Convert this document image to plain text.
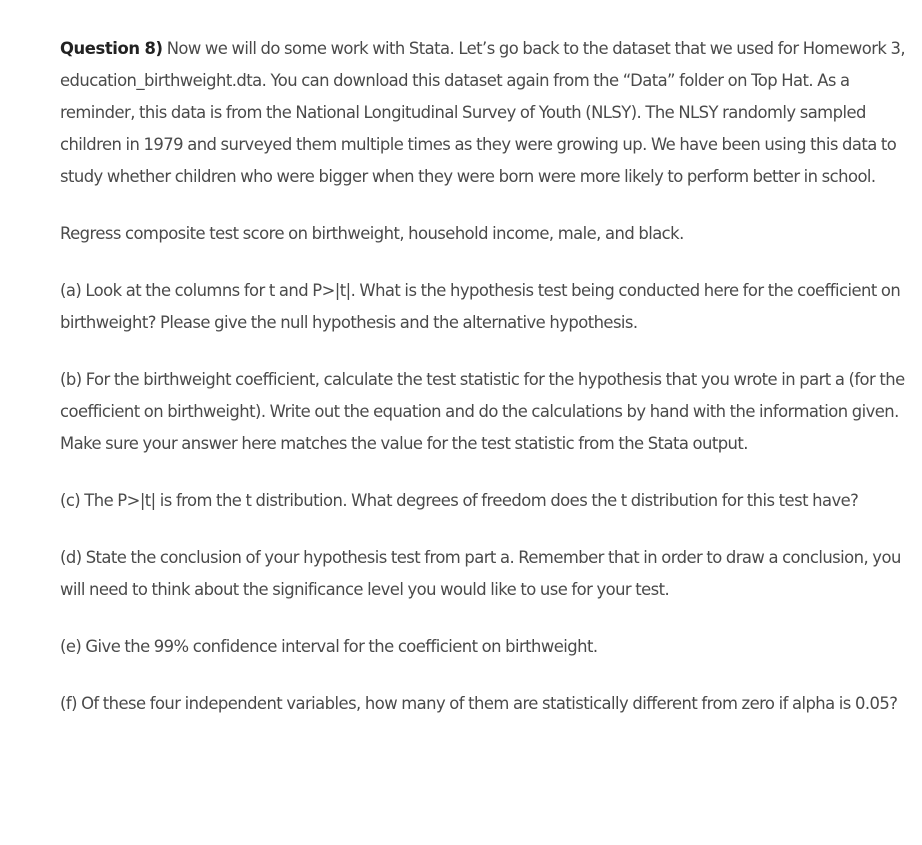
Question 8) Now we will do some work with Stata. Let’s go back to the dataset that we used for Homework 3, education_birthweight.dta. You can download this dataset again from the “Data” folder on Top Hat. As a reminder, this data is from the National Longitudinal Survey of Youth (NLSY). The NLSY randomly sampled children in 1979 and surveyed them multiple times as they were growing up. We have been using this data to study whether children who were bigger when they were born were more likely to perform better in school.

Regress composite test score on birthweight, household income, male, and black.

(a) Look at the columns for t and P>|t|. What is the hypothesis test being conducted here for the coefficient on birthweight? Please give the null hypothesis and the alternative hypothesis.

(b) For the birthweight coefficient, calculate the test statistic for the hypothesis that you wrote in part a (for the coefficient on birthweight). Write out the equation and do the calculations by hand with the information given. Make sure your answer here matches the value for the test statistic from the Stata output.

(c) The P>|t| is from the t distribution. What degrees of freedom does the t distribution for this test have?

(d) State the conclusion of your hypothesis test from part a. Remember that in order to draw a conclusion, you will need to think about the significance level you would like to use for your test.

(e) Give the 99% confidence interval for the coefficient on birthweight.

(f) Of these four independent variables, how many of them are statistically different from zero if alpha is 0.05?
